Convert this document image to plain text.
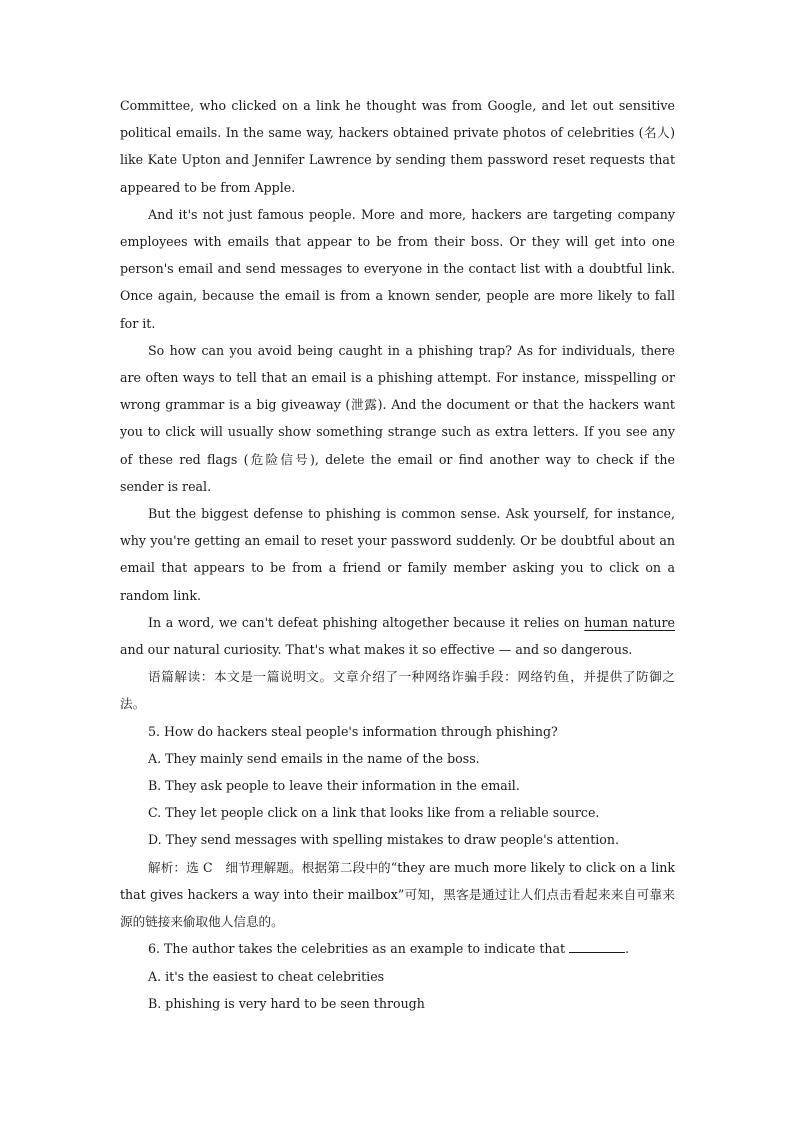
Committee, who clicked on a link he thought was from Google, and let out sensitive political emails. In the same way, hackers obtained private photos of celebrities (名人) like Kate Upton and Jennifer Lawrence by sending them password reset requests that appeared to be from Apple.

And it's not just famous people. More and more, hackers are targeting company employees with emails that appear to be from their boss. Or they will get into one person's email and send messages to everyone in the contact list with a doubtful link. Once again, because the email is from a known sender, people are more likely to fall for it.

So how can you avoid being caught in a phishing trap? As for individuals, there are often ways to tell that an email is a phishing attempt. For instance, misspelling or wrong grammar is a big giveaway (泄露). And the document or that the hackers want you to click will usually show something strange such as extra letters. If you see any of these red flags (危险信号), delete the email or find another way to check if the sender is real.

But the biggest defense to phishing is common sense. Ask yourself, for instance, why you're getting an email to reset your password suddenly. Or be doubtful about an email that appears to be from a friend or family member asking you to click on a random link.

In a word, we can't defeat phishing altogether because it relies on human nature and our natural curiosity. That's what makes it so effective — and so dangerous.

语篇解读：本文是一篇说明文。文章介绍了一种网络诈骗手段：网络钓鱼，并提供了防御之法。

5. How do hackers steal people's information through phishing?

A. They mainly send emails in the name of the boss.

B. They ask people to leave their information in the email.

C. They let people click on a link that looks like from a reliable source.

D. They send messages with spelling mistakes to draw people's attention.

解析：选 C　细节理解题。根据第二段中的“they are much more likely to click on a link that gives hackers a way into their mailbox”可知，黑客是通过让人们点击看起来来自可靠来源的链接来偷取他人信息的。

6. The author takes the celebrities as an example to indicate that	.

A. it's the easiest to cheat celebrities

B. phishing is very hard to be seen through
